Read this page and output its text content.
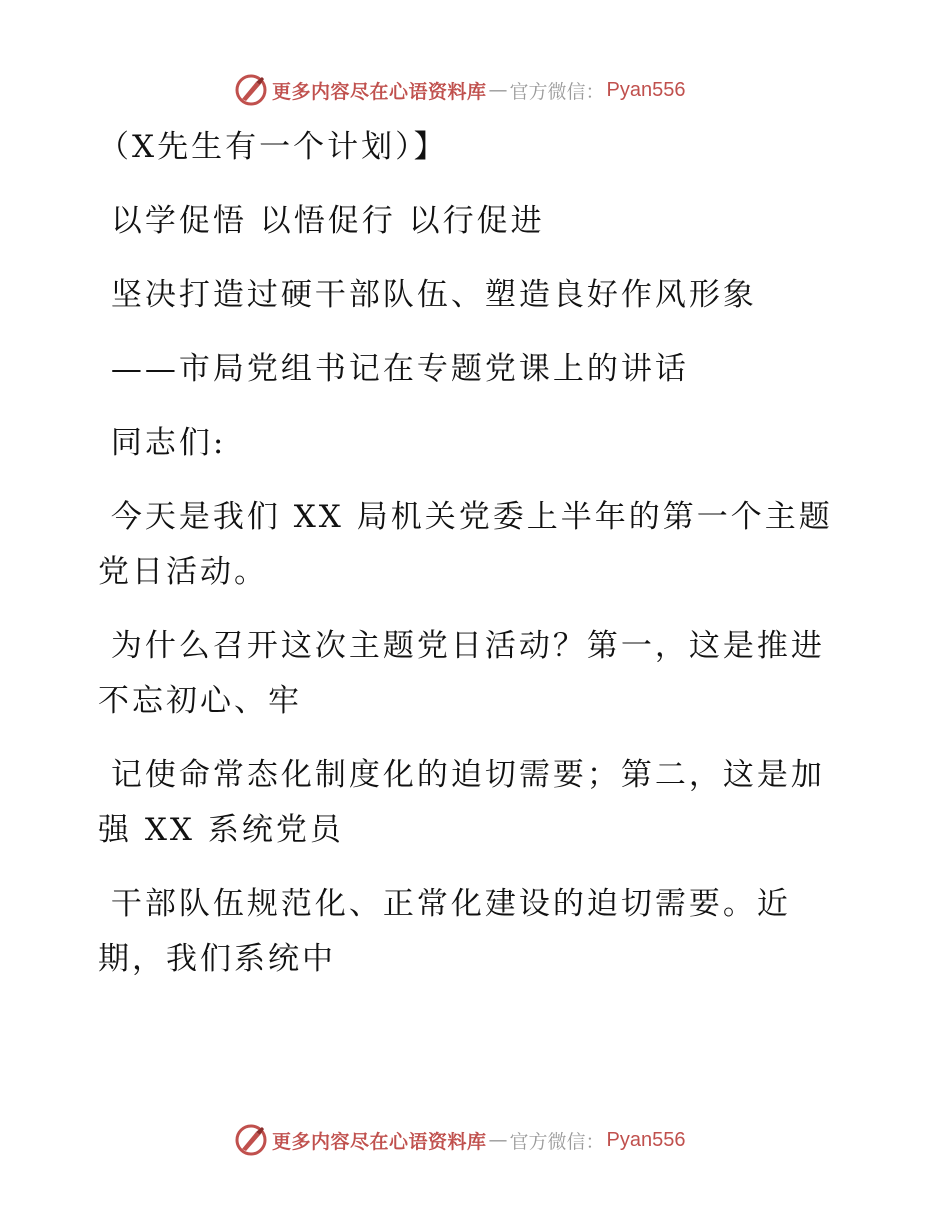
更多内容尽在心语资料库 — 官方微信： Pyan556

（X先生有一个计划）】

以学促悟 以悟促行 以行促进

坚决打造过硬干部队伍、塑造良好作风形象

——市局党组书记在专题党课上的讲话

同志们:

今天是我们 XX 局机关党委上半年的第一个主题党日活动。

为什么召开这次主题党日活动？第一，这是推进不忘初心、牢

记使命常态化制度化的迫切需要；第二，这是加强 XX 系统党员

干部队伍规范化、正常化建设的迫切需要。近期，我们系统中

更多内容尽在心语资料库 — 官方微信： Pyan556
